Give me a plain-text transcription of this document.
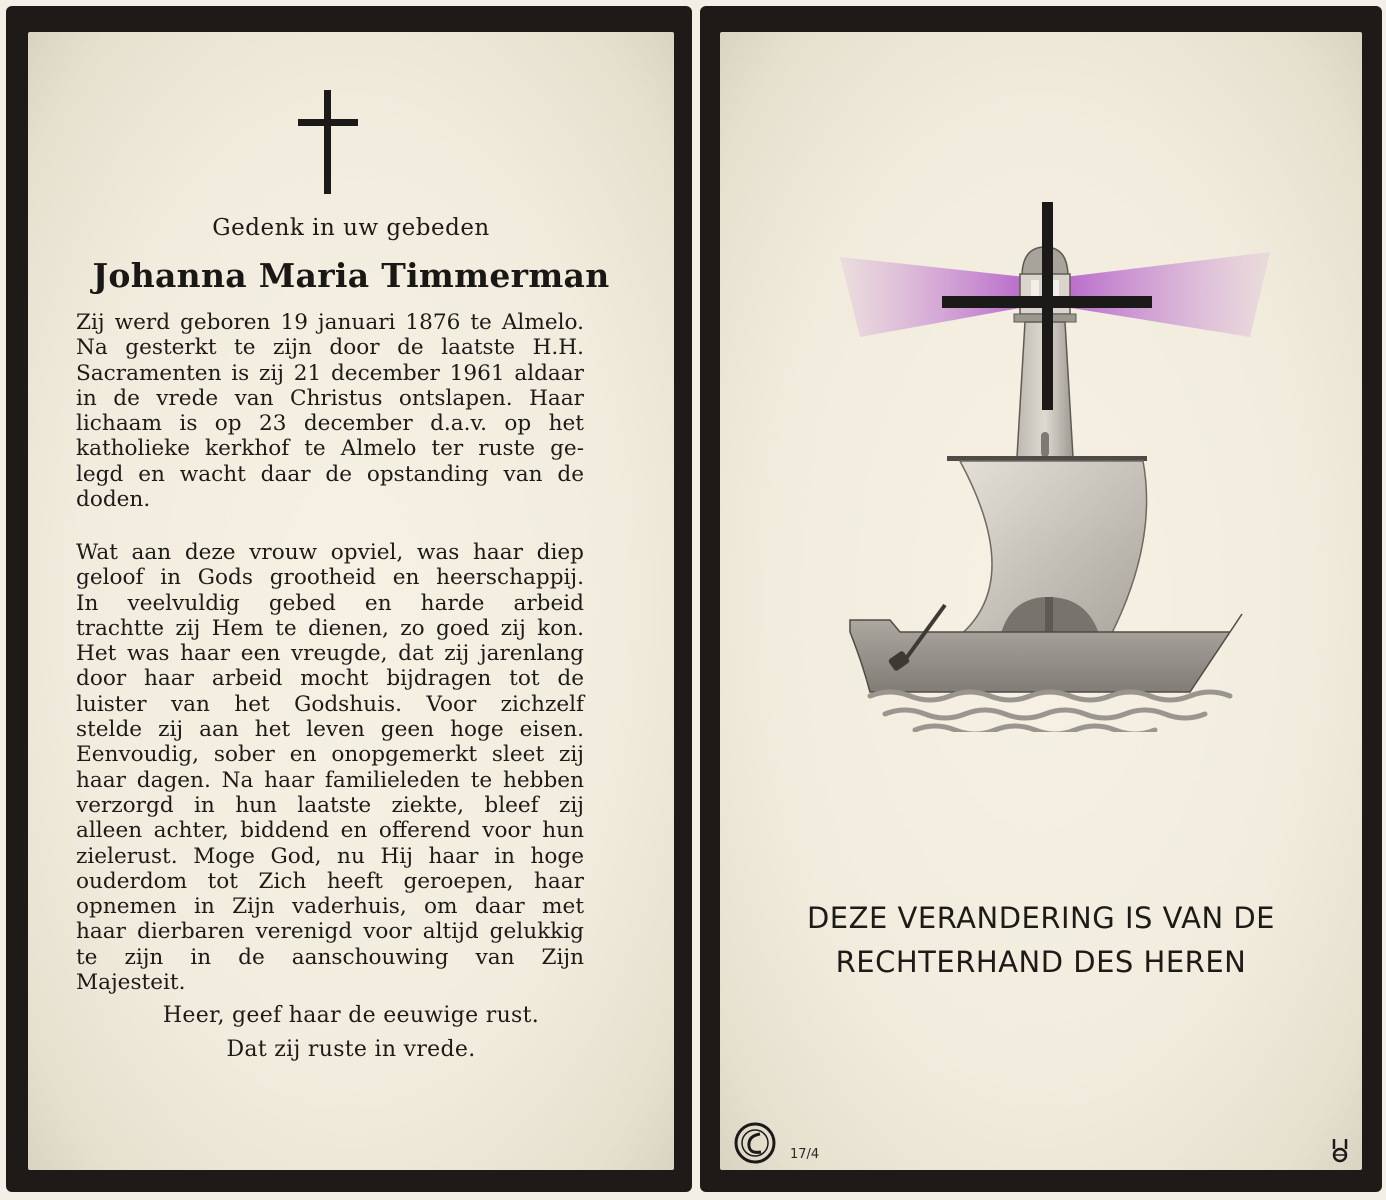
Gedenk in uw gebeden
Johanna Maria Timmerman
Zij werd geboren 19 januari 1876 te Almelo.
Na gesterkt te zijn door de laatste H.H.
Sacramenten is zij 21 december 1961 aldaar
in de vrede van Christus ontslapen. Haar
lichaam is op 23 december d.a.v. op het
katholieke kerkhof te Almelo ter ruste ge-
legd en wacht daar de opstanding van de
doden.
Wat aan deze vrouw opviel, was haar diep
geloof in Gods grootheid en heerschappij.
In veelvuldig gebed en harde arbeid
trachtte zij Hem te dienen, zo goed zij kon.
Het was haar een vreugde, dat zij jarenlang
door haar arbeid mocht bijdragen tot de
luister van het Godshuis. Voor zichzelf
stelde zij aan het leven geen hoge eisen.
Eenvoudig, sober en onopgemerkt sleet zij
haar dagen. Na haar familieleden te hebben
verzorgd in hun laatste ziekte, bleef zij
alleen achter, biddend en offerend voor hun
zielerust. Moge God, nu Hij haar in hoge
ouderdom tot Zich heeft geroepen, haar
opnemen in Zijn vaderhuis, om daar met
haar dierbaren verenigd voor altijd gelukkig
te zijn in de aanschouwing van Zijn
Majesteit.
Heer, geef haar de eeuwige rust.
Dat zij ruste in vrede.
DEZE VERANDERING IS VAN DE
RECHTERHAND DES HEREN
17/4
